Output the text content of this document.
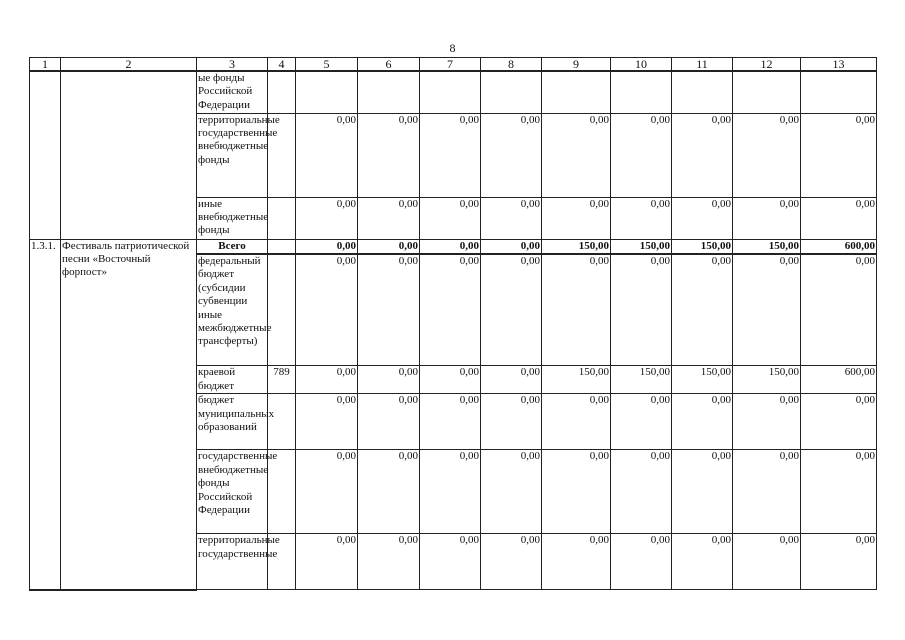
8
1	2	3	4	5	6	7	8	9	10	11	12	13
		ые фонды Российской Федерации										
		территориальные государственные внебюджетные фонды		0,00	0,00	0,00	0,00	0,00	0,00	0,00	0,00	0,00
		иные внебюджетные фонды		0,00	0,00	0,00	0,00	0,00	0,00	0,00	0,00	0,00
1.3.1.	Фестиваль патриотической песни «Восточный форпост»	Всего		0,00	0,00	0,00	0,00	150,00	150,00	150,00	150,00	600,00
		федеральный бюджет (субсидии субвенции иные межбюджетные трансферты)		0,00	0,00	0,00	0,00	0,00	0,00	0,00	0,00	0,00
		краевой бюджет	789	0,00	0,00	0,00	0,00	150,00	150,00	150,00	150,00	600,00
		бюджет муниципальных образований		0,00	0,00	0,00	0,00	0,00	0,00	0,00	0,00	0,00
		государственные внебюджетные фонды Российской Федерации		0,00	0,00	0,00	0,00	0,00	0,00	0,00	0,00	0,00
		территориальные государственные		0,00	0,00	0,00	0,00	0,00	0,00	0,00	0,00	0,00
